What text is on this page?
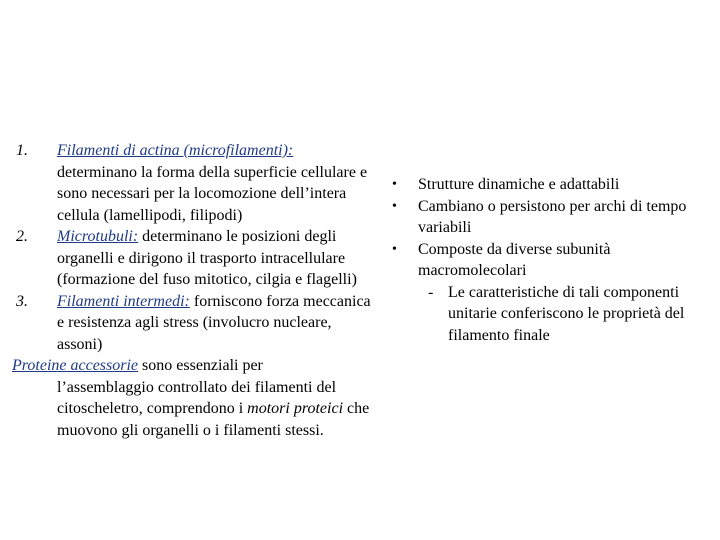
1. Filamenti di actina (microfilamenti): determinano la forma della superficie cellulare e sono necessari per la locomozione dell’intera cellula (lamellipodi, filipodi)
2. Microtubuli: determinano le posizioni degli organelli e dirigono il trasporto intracellulare (formazione del fuso mitotico, cilgia e flagelli)
3. Filamenti intermedi: forniscono forza meccanica e resistenza agli stress (involucro nucleare, assoni)
Proteine accessorie sono essenziali per
l’assemblaggio controllato dei filamenti del citoscheletro, comprendono i motori proteici che muovono gli organelli o i filamenti stessi.
• Strutture dinamiche e adattabili
• Cambiano o persistono per archi di tempo variabili
• Composte da diverse subunità macromolecolari
- Le caratteristiche di tali componenti unitarie conferiscono le proprietà del filamento finale
